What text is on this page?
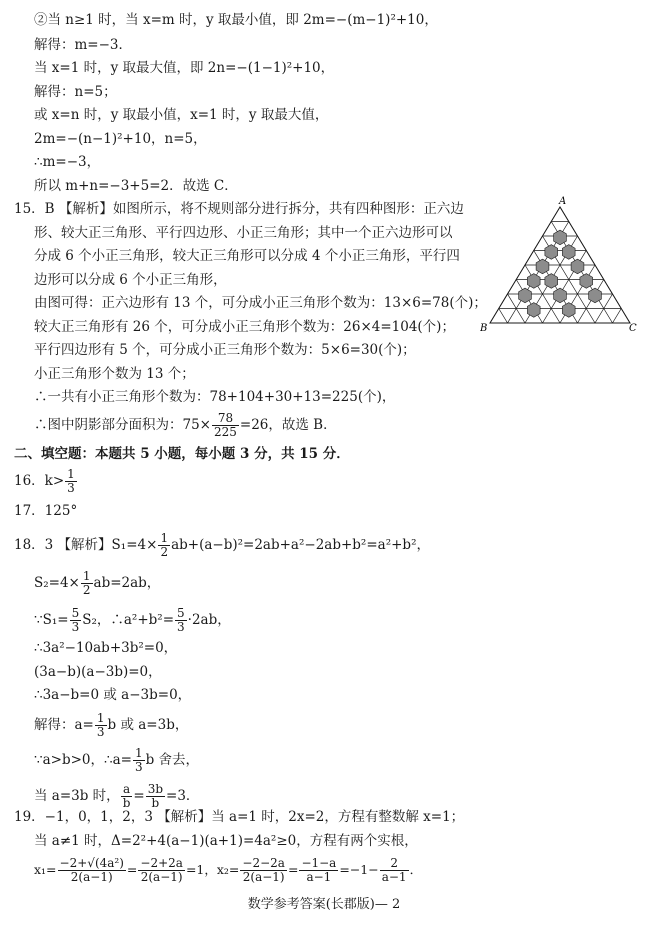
②当 n≥1 时，当 x=m 时，y 取最小值，即 2m=−(m−1)²+10，
解得：m=−3．
当 x=1 时，y 取最大值，即 2n=−(1−1)²+10，
解得：n=5；
或 x=n 时，y 取最小值，x=1 时，y 取最大值，
2m=−(n−1)²+10，n=5，
∴m=−3，
所以 m+n=−3+5=2．故选 C．
15．B 【解析】如图所示，将不规则部分进行拆分，共有四种图形：正六边
形、较大正三角形、平行四边形、小正三角形；其中一个正六边形可以
分成 6 个小正三角形，较大正三角形可以分成 4 个小正三角形，平行四
边形可以分成 6 个小正三角形，
由图可得：正六边形有 13 个，可分成小正三角形个数为：13×6=78(个)；
较大正三角形有 26 个，可分成小正三角形个数为：26×4=104(个)；
平行四边形有 5 个，可分成小正三角形个数为：5×6=30(个)；
小正三角形个数为 13 个；
∴一共有小正三角形个数为：78+104+30+13=225(个)，
∴图中阴影部分面积为：$75\times \frac{78}{225} =26$，故选 B．
二、填空题：本题共 5 小题，每小题 3 分，共 15 分．
16．$k> \frac{1}{3}$
17．125°
18．3 【解析】$S_1=4\times \frac{1}{2} ab+(a-b)^2=2ab+a^2-2ab+b^2=a^2+b^2$，
$S_2=4\times \frac{1}{2} ab=2ab$，
∵S₁= $\frac{5}{3} S_2$，∴a²+b²= $\frac{5}{3} \cdot 2ab$，
∴3a²−10ab+3b²=0，
(3a−b)(a−3b)=0，
∴3a−b=0 或 a−3b=0，
解得：$a= \frac{1}{3}$ b 或 a=3b，
∵a>b>0，∴a= $\frac{1}{3}$ b 舍去，
当 a=3b 时， $\frac{a}{b} = \frac{3b}{b} =3$．
19．−1，0，1，2，3 【解析】当 a=1 时，2x=2，方程有整数解 x=1；
当 a≠1 时，Δ=2²+4(a−1)(a+1)=4a²≥0，方程有两个实根，
$x_1= \frac{\text{−2+√(4a²)}}{2(a-1)} = \frac{-2+2a}{2(a-1)} =1$，$x_2= \frac{-2-2a}{2(a-1)} = \frac{-1-a}{a-1} =-1- \frac{2}{a-1}$ ．
A
B	C
数学参考答案(长郡版)— 2
